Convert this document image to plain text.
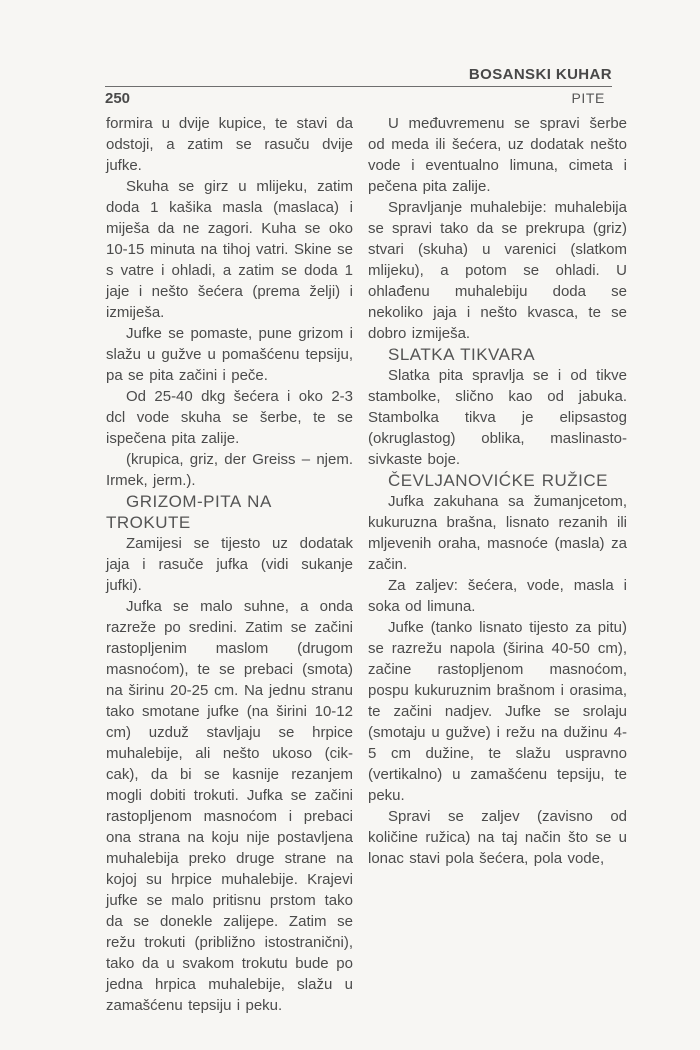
BOSANSKI KUHAR
250	PITE

formira u dvije kupice, te stavi da odstoji, a zatim se rasuču dvije jufke.

Skuha se girz u mlijeku, zatim doda 1 kašika masla (maslaca) i miješa da ne zagori. Kuha se oko 10-15 minuta na tihoj vatri. Skine se s vatre i ohladi, a zatim se doda 1 jaje i nešto šećera (prema želji) i izmiješa.

Jufke se pomaste, pune grizom i slažu u gužve u pomašćenu tepsiju, pa se pita začini i peče.

Od 25-40 dkg šećera i oko 2-3 dcl vode skuha se šerbe, te se ispečena pita zalije.

(krupica, griz, der Greiss – njem. Irmek, jerm.).

GRIZOM-PITA NA TROKUTE

Zamijesi se tijesto uz dodatak jaja i rasuče jufka (vidi sukanje jufki).

Jufka se malo suhne, a onda razreže po sredini. Zatim se začini rastopljenim maslom (drugom masnoćom), te se prebaci (smota) na širinu 20-25 cm. Na jednu stranu tako smotane jufke (na širini 10-12 cm) uzduž stavljaju se hrpice muhalebije, ali nešto ukoso (cik-cak), da bi se kasnije rezanjem mogli dobiti trokuti. Jufka se začini rastopljenom masnoćom i prebaci ona strana na koju nije postavljena muhalebija preko druge strane na kojoj su hrpice muhalebije. Krajevi jufke se malo pritisnu prstom tako da se donekle zalijepe. Zatim se režu trokuti (približno istostranični), tako da u svakom trokutu bude po jedna hrpica muhalebije, slažu u zamašćenu tepsiju i peku.

U međuvremenu se spravi šerbe od meda ili šećera, uz dodatak nešto vode i eventualno limuna, cimeta i pečena pita zalije.

Spravljanje muhalebije: muhalebija se spravi tako da se prekrupa (griz) stvari (skuha) u varenici (slatkom mlijeku), a potom se ohladi. U ohlađenu muhalebiju doda se nekoliko jaja i nešto kvasca, te se dobro izmiješa.

SLATKA TIKVARA

Slatka pita spravlja se i od tikve stambolke, slično kao od jabuka. Stambolka tikva je elipsastog (okruglastog) oblika, maslinasto-sivkaste boje.

ČEVLJANOVIĆKE RUŽICE

Jufka zakuhana sa žumanjcetom, kukuruzna brašna, lisnato rezanih ili mljevenih oraha, masnoće (masla) za začin.

Za zaljev: šećera, vode, masla i soka od limuna.

Jufke (tanko lisnato tijesto za pitu) se razrežu napola (širina 40-50 cm), začine rastopljenom masnoćom, pospu kukuruznim brašnom i orasima, te začini nadjev. Jufke se srolaju (smotaju u gužve) i režu na dužinu 4-5 cm dužine, te slažu uspravno (vertikalno) u zamašćenu tepsiju, te peku.

Spravi se zaljev (zavisno od količine ružica) na taj način što se u lonac stavi pola šećera, pola vode,
